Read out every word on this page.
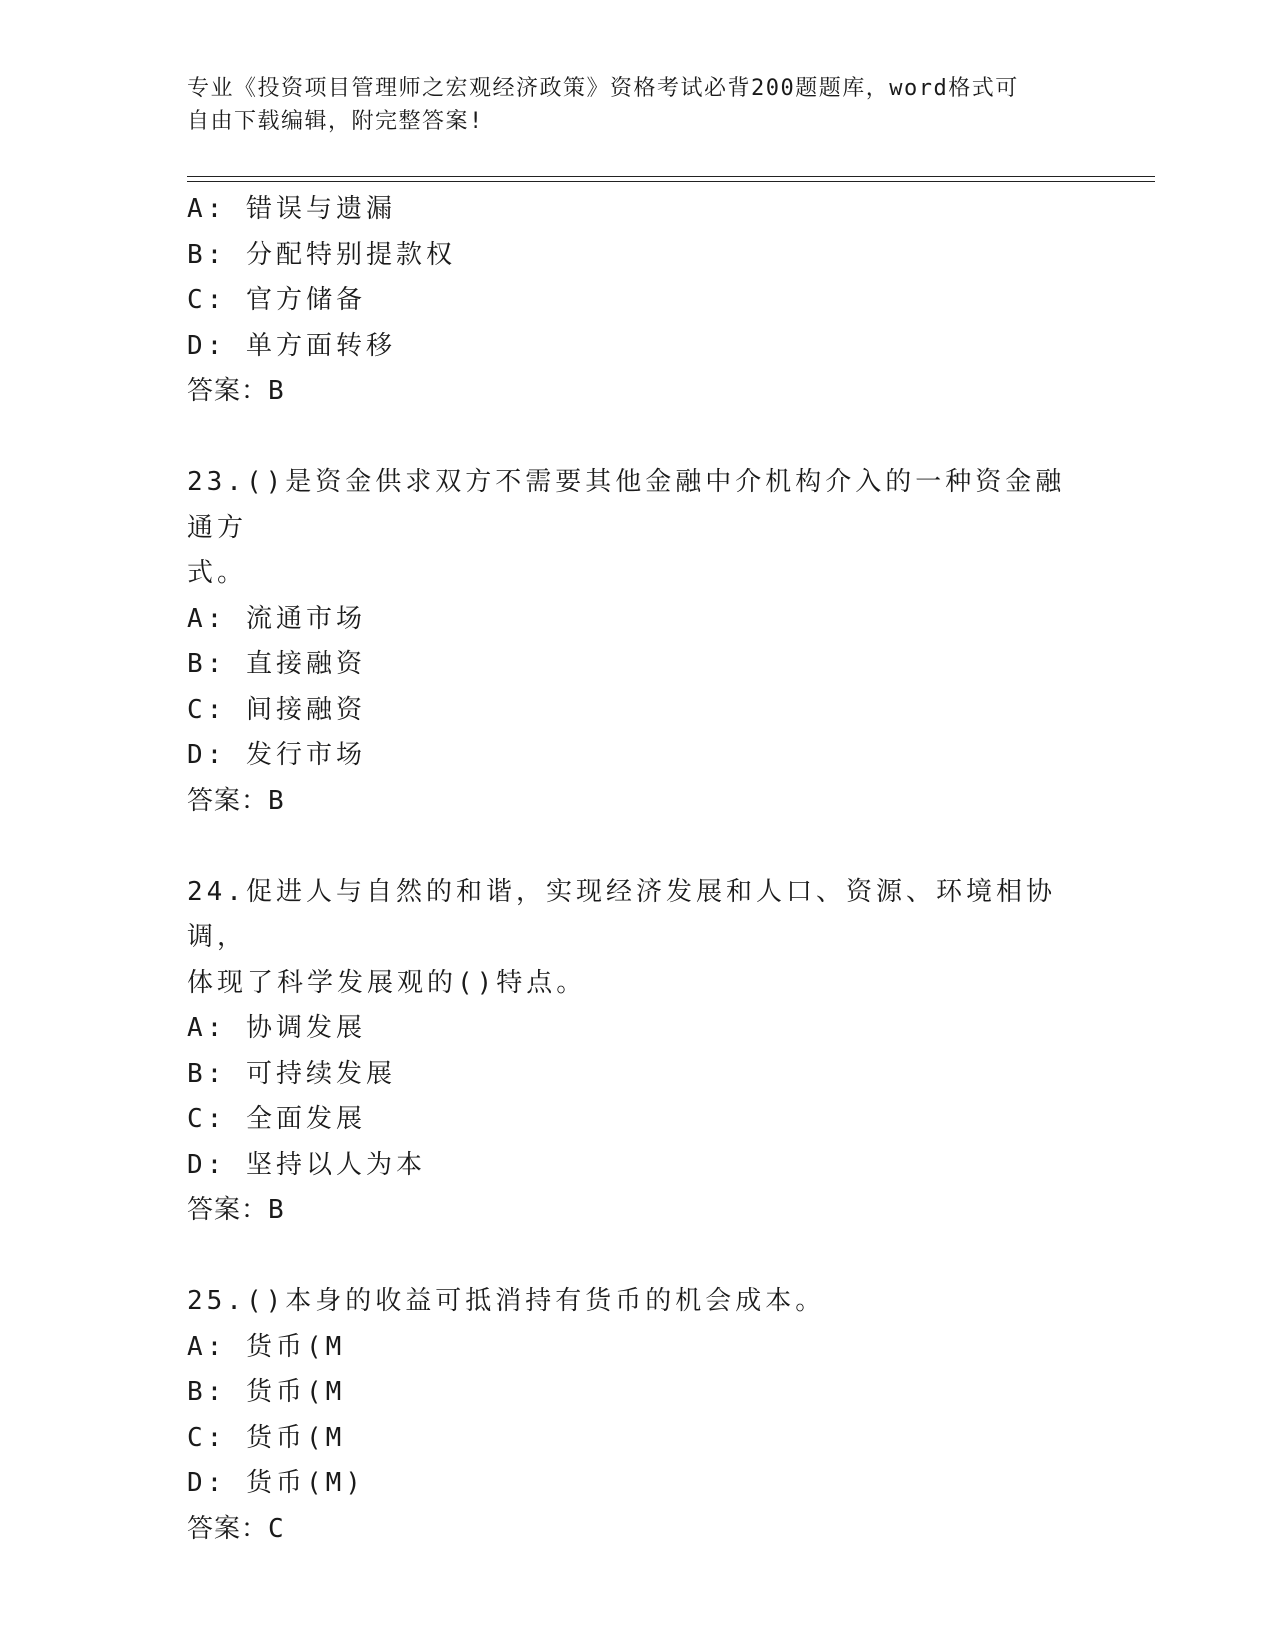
专业《投资项目管理师之宏观经济政策》资格考试必背200题题库，word格式可
自由下载编辑，附完整答案!
A: 错误与遗漏
B: 分配特别提款权
C: 官方储备
D: 单方面转移
答案：B
23.()是资金供求双方不需要其他金融中介机构介入的一种资金融通方
式。
A: 流通市场
B: 直接融资
C: 间接融资
D: 发行市场
答案：B
24.促进人与自然的和谐，实现经济发展和人口、资源、环境相协调，
体现了科学发展观的()特点。
A: 协调发展
B: 可持续发展
C: 全面发展
D: 坚持以人为本
答案：B
25.()本身的收益可抵消持有货币的机会成本。
A: 货币(M
B: 货币(M
C: 货币(M
D: 货币(M)
答案：C
